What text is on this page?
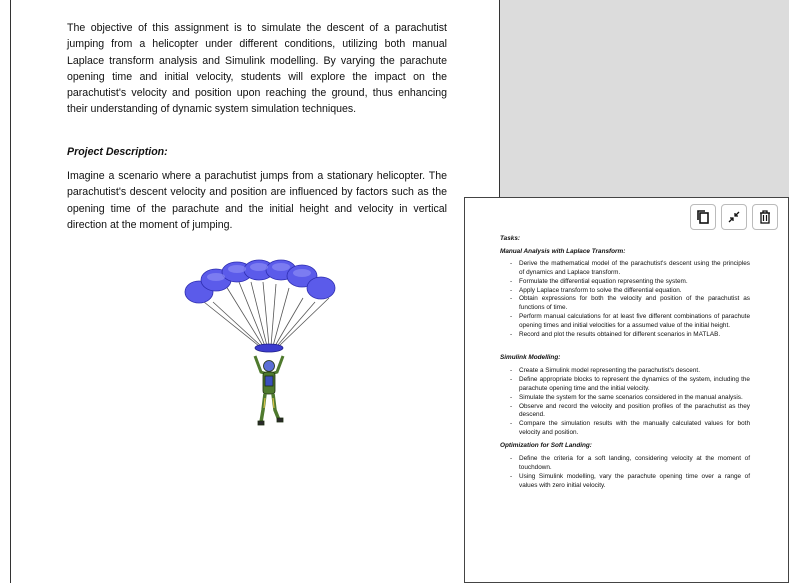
The objective of this assignment is to simulate the descent of a parachutist jumping from a helicopter under different conditions, utilizing both manual Laplace transform analysis and Simulink modelling. By varying the parachute opening time and initial velocity, students will explore the impact on the parachutist's velocity and position upon reaching the ground, thus enhancing their understanding of dynamic system simulation techniques.
Project Description:
Imagine a scenario where a parachutist jumps from a stationary helicopter. The parachutist's descent velocity and position are influenced by factors such as the opening time of the parachute and the initial height and velocity in vertical direction at the moment of jumping.
Tasks:
Manual Analysis with Laplace Transform:
- Derive the mathematical model of the parachutist's descent using the principles of dynamics and Laplace transform.
- Formulate the differential equation representing the system.
- Apply Laplace transform to solve the differential equation.
- Obtain expressions for both the velocity and position of the parachutist as functions of time.
- Perform manual calculations for at least five different combinations of parachute opening times and initial velocities for a assumed value of the initial height.
- Record and plot the results obtained for different scenarios in MATLAB.
Simulink Modelling:
- Create a Simulink model representing the parachutist's descent.
- Define appropriate blocks to represent the dynamics of the system, including the parachute opening time and the initial velocity.
- Simulate the system for the same scenarios considered in the manual analysis.
- Observe and record the velocity and position profiles of the parachutist as they descend.
- Compare the simulation results with the manually calculated values for both velocity and position.
Optimization for Soft Landing:
- Define the criteria for a soft landing, considering velocity at the moment of touchdown.
- Using Simulink modelling, vary the parachute opening time over a range of values with zero initial velocity.
